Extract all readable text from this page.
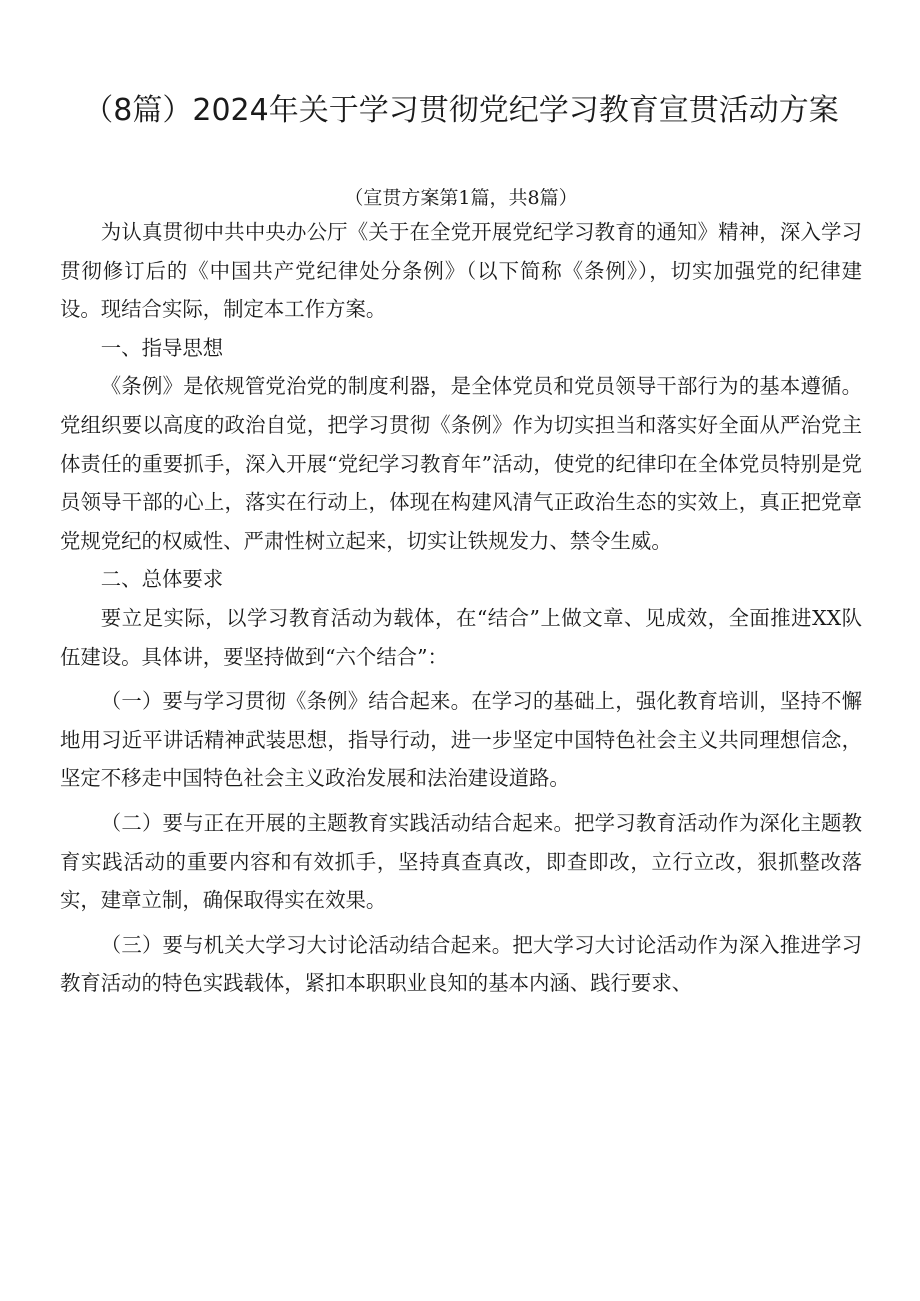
（8篇）2024年关于学习贯彻党纪学习教育宣贯活动方案
（宣贯方案第1篇，共8篇）

为认真贯彻中共中央办公厅《关于在全党开展党纪学习教育的通知》精神，深入学习贯彻修订后的《中国共产党纪律处分条例》（以下简称《条例》），切实加强党的纪律建设。现结合实际，制定本工作方案。

一、指导思想

《条例》是依规管党治党的制度利器，是全体党员和党员领导干部行为的基本遵循。党组织要以高度的政治自觉，把学习贯彻《条例》作为切实担当和落实好全面从严治党主体责任的重要抓手，深入开展“党纪学习教育年”活动，使党的纪律印在全体党员特别是党员领导干部的心上，落实在行动上，体现在构建风清气正政治生态的实效上，真正把党章党规党纪的权威性、严肃性树立起来，切实让铁规发力、禁令生威。

二、总体要求

要立足实际，以学习教育活动为载体，在“结合”上做文章、见成效，全面推进XX队伍建设。具体讲，要坚持做到“六个结合”：

（一）要与学习贯彻《条例》结合起来。在学习的基础上，强化教育培训，坚持不懈地用习近平讲话精神武装思想，指导行动，进一步坚定中国特色社会主义共同理想信念，坚定不移走中国特色社会主义政治发展和法治建设道路。

（二）要与正在开展的主题教育实践活动结合起来。把学习教育活动作为深化主题教育实践活动的重要内容和有效抓手，坚持真查真改，即查即改，立行立改，狠抓整改落实，建章立制，确保取得实在效果。

（三）要与机关大学习大讨论活动结合起来。把大学习大讨论活动作为深入推进学习教育活动的特色实践载体，紧扣本职职业良知的基本内涵、践行要求、
